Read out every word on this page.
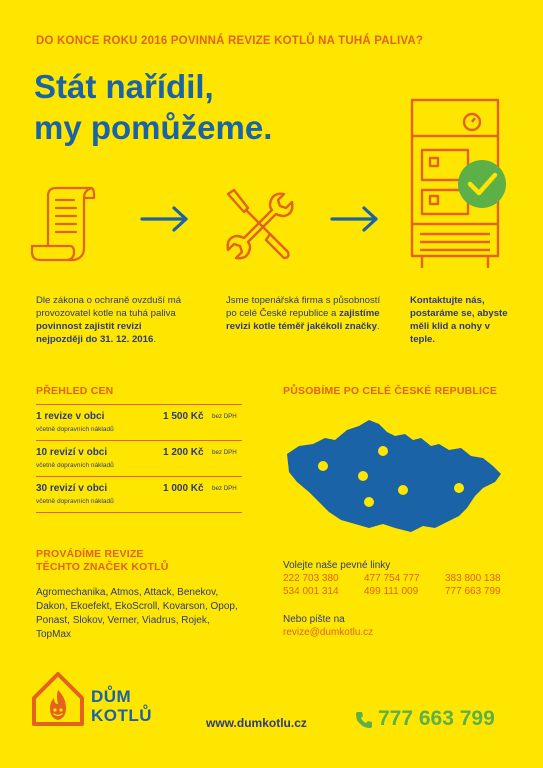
DO KONCE ROKU 2016 POVINNÁ REVIZE KOTLŮ NA TUHÁ PALIVA?
Stát nařídil,
my pomůžeme.
Dle zákona o ochraně ovzduší má provozovatel kotle na tuhá paliva povinnost zajistit revizi nejpozději do 31. 12. 2016.
Jsme topenářská firma s působností po celé České republice a zajistíme revizi kotle téměř jakékoli značky.
Kontaktujte nás, postaráme se, abyste měli klid a nohy v teple.
PŘEHLED CEN
1 revize v obci
včetně dopravních nákladů
1 500 Kč bez DPH
10 revizí v obci
včetně dopravních nákladů
1 200 Kč bez DPH
30 revizí v obci
včetně dopravních nákladů
1 000 Kč bez DPH
PŮSOBÍME PO CELÉ ČESKÉ REPUBLICE
PROVÁDÍME REVIZE
TĚCHTO ZNAČEK KOTLŮ
Agromechanika, Atmos, Attack, Benekov, Dakon, Ekoefekt, EkoScroll, Kovarson, Opop, Ponast, Slokov, Verner, Viadrus, Rojek, TopMax
Volejte naše pevné linky
222 703 380	477 754 777	383 800 138
534 001 314	499 111 009	777 663 799
Nebo pište na
revize@dumkotlu.cz
DŮM
KOTLŮ	www.dumkotlu.cz	777 663 799
